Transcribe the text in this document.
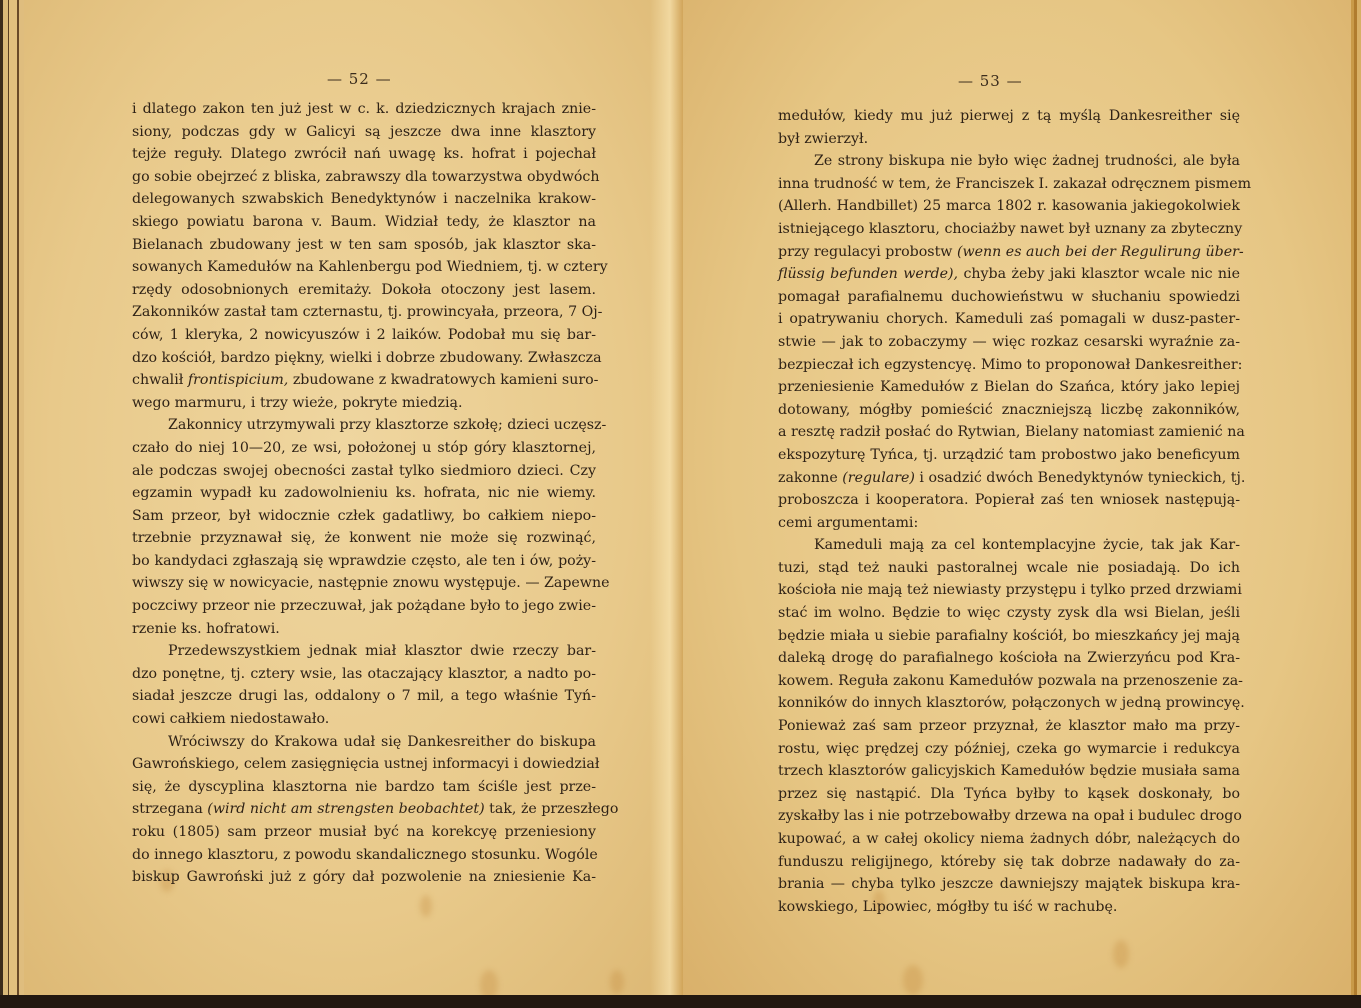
— 52 —
i dlatego zakon ten już jest w c. k. dziedzicznych krajach znie-
siony, podczas gdy w Galicyi są jeszcze dwa inne klasztory
tejże reguły. Dlatego zwrócił nań uwagę ks. hofrat i pojechał
go sobie obejrzeć z bliska, zabrawszy dla towarzystwa obydwóch
delegowanych szwabskich Benedyktynów i naczelnika krakow-
skiego powiatu barona v. Baum. Widział tedy, że klasztor na
Bielanach zbudowany jest w ten sam sposób, jak klasztor ska-
sowanych Kamedułów na Kahlenbergu pod Wiedniem, tj. w cztery
rzędy odosobnionych eremitaży. Dokoła otoczony jest lasem.
Zakonników zastał tam czternastu, tj. prowincyała, przeora, 7 Oj-
ców, 1 kleryka, 2 nowicyuszów i 2 laików. Podobał mu się bar-
dzo kościół, bardzo piękny, wielki i dobrze zbudowany. Zwłaszcza
chwalił frontispicium, zbudowane z kwadratowych kamieni suro-
wego marmuru, i trzy wieże, pokryte miedzią.
Zakonnicy utrzymywali przy klasztorze szkołę; dzieci uczęsz-
czało do niej 10—20, ze wsi, położonej u stóp góry klasztornej,
ale podczas swojej obecności zastał tylko siedmioro dzieci. Czy
egzamin wypadł ku zadowolnieniu ks. hofrata, nic nie wiemy.
Sam przeor, był widocznie człek gadatliwy, bo całkiem niepo-
trzebnie przyznawał się, że konwent nie może się rozwinąć,
bo kandydaci zgłaszają się wprawdzie często, ale ten i ów, poży-
wiwszy się w nowicyacie, następnie znowu występuje. — Zapewne
poczciwy przeor nie przeczuwał, jak pożądane było to jego zwie-
rzenie ks. hofratowi.
Przedewszystkiem jednak miał klasztor dwie rzeczy bar-
dzo ponętne, tj. cztery wsie, las otaczający klasztor, a nadto po-
siadał jeszcze drugi las, oddalony o 7 mil, a tego właśnie Tyń-
cowi całkiem niedostawało.
Wróciwszy do Krakowa udał się Dankesreither do biskupa
Gawrońskiego, celem zasięgnięcia ustnej informacyi i dowiedział
się, że dyscyplina klasztorna nie bardzo tam ściśle jest prze-
strzegana (wird nicht am strengsten beobachtet) tak, że przeszłego
roku (1805) sam przeor musiał być na korekcyę przeniesiony
do innego klasztoru, z powodu skandalicznego stosunku. Wogóle
biskup Gawroński już z góry dał pozwolenie na zniesienie Ka-
— 53 —
medułów, kiedy mu już pierwej z tą myślą Dankesreither się
był zwierzył.
Ze strony biskupa nie było więc żadnej trudności, ale była
inna trudność w tem, że Franciszek I. zakazał odręcznem pismem
(Allerh. Handbillet) 25 marca 1802 r. kasowania jakiegokolwiek
istniejącego klasztoru, chociażby nawet był uznany za zbyteczny
przy regulacyi probostw (wenn es auch bei der Regulirung über-
flüssig befunden werde), chyba żeby jaki klasztor wcale nic nie
pomagał parafialnemu duchowieństwu w słuchaniu spowiedzi
i opatrywaniu chorych. Kameduli zaś pomagali w dusz-paster-
stwie — jak to zobaczymy — więc rozkaz cesarski wyraźnie za-
bezpieczał ich egzystencyę. Mimo to proponował Dankesreither:
przeniesienie Kamedułów z Bielan do Szańca, który jako lepiej
dotowany, mógłby pomieścić znaczniejszą liczbę zakonników,
a resztę radził posłać do Rytwian, Bielany natomiast zamienić na
ekspozyturę Tyńca, tj. urządzić tam probostwo jako beneficyum
zakonne (regulare) i osadzić dwóch Benedyktynów tynieckich, tj.
proboszcza i kooperatora. Popierał zaś ten wniosek następują-
cemi argumentami:
Kameduli mają za cel kontemplacyjne życie, tak jak Kar-
tuzi, stąd też nauki pastoralnej wcale nie posiadają. Do ich
kościoła nie mają też niewiasty przystępu i tylko przed drzwiami
stać im wolno. Będzie to więc czysty zysk dla wsi Bielan, jeśli
będzie miała u siebie parafialny kościół, bo mieszkańcy jej mają
daleką drogę do parafialnego kościoła na Zwierzyńcu pod Kra-
kowem. Reguła zakonu Kamedułów pozwala na przenoszenie za-
konników do innych klasztorów, połączonych w jedną prowincyę.
Ponieważ zaś sam przeor przyznał, że klasztor mało ma przy-
rostu, więc prędzej czy później, czeka go wymarcie i redukcya
trzech klasztorów galicyjskich Kamedułów będzie musiała sama
przez się nastąpić. Dla Tyńca byłby to kąsek doskonały, bo
zyskałby las i nie potrzebowałby drzewa na opał i budulec drogo
kupować, a w całej okolicy niema żadnych dóbr, należących do
funduszu religijnego, któreby się tak dobrze nadawały do za-
brania — chyba tylko jeszcze dawniejszy majątek biskupa kra-
kowskiego, Lipowiec, mógłby tu iść w rachubę.
